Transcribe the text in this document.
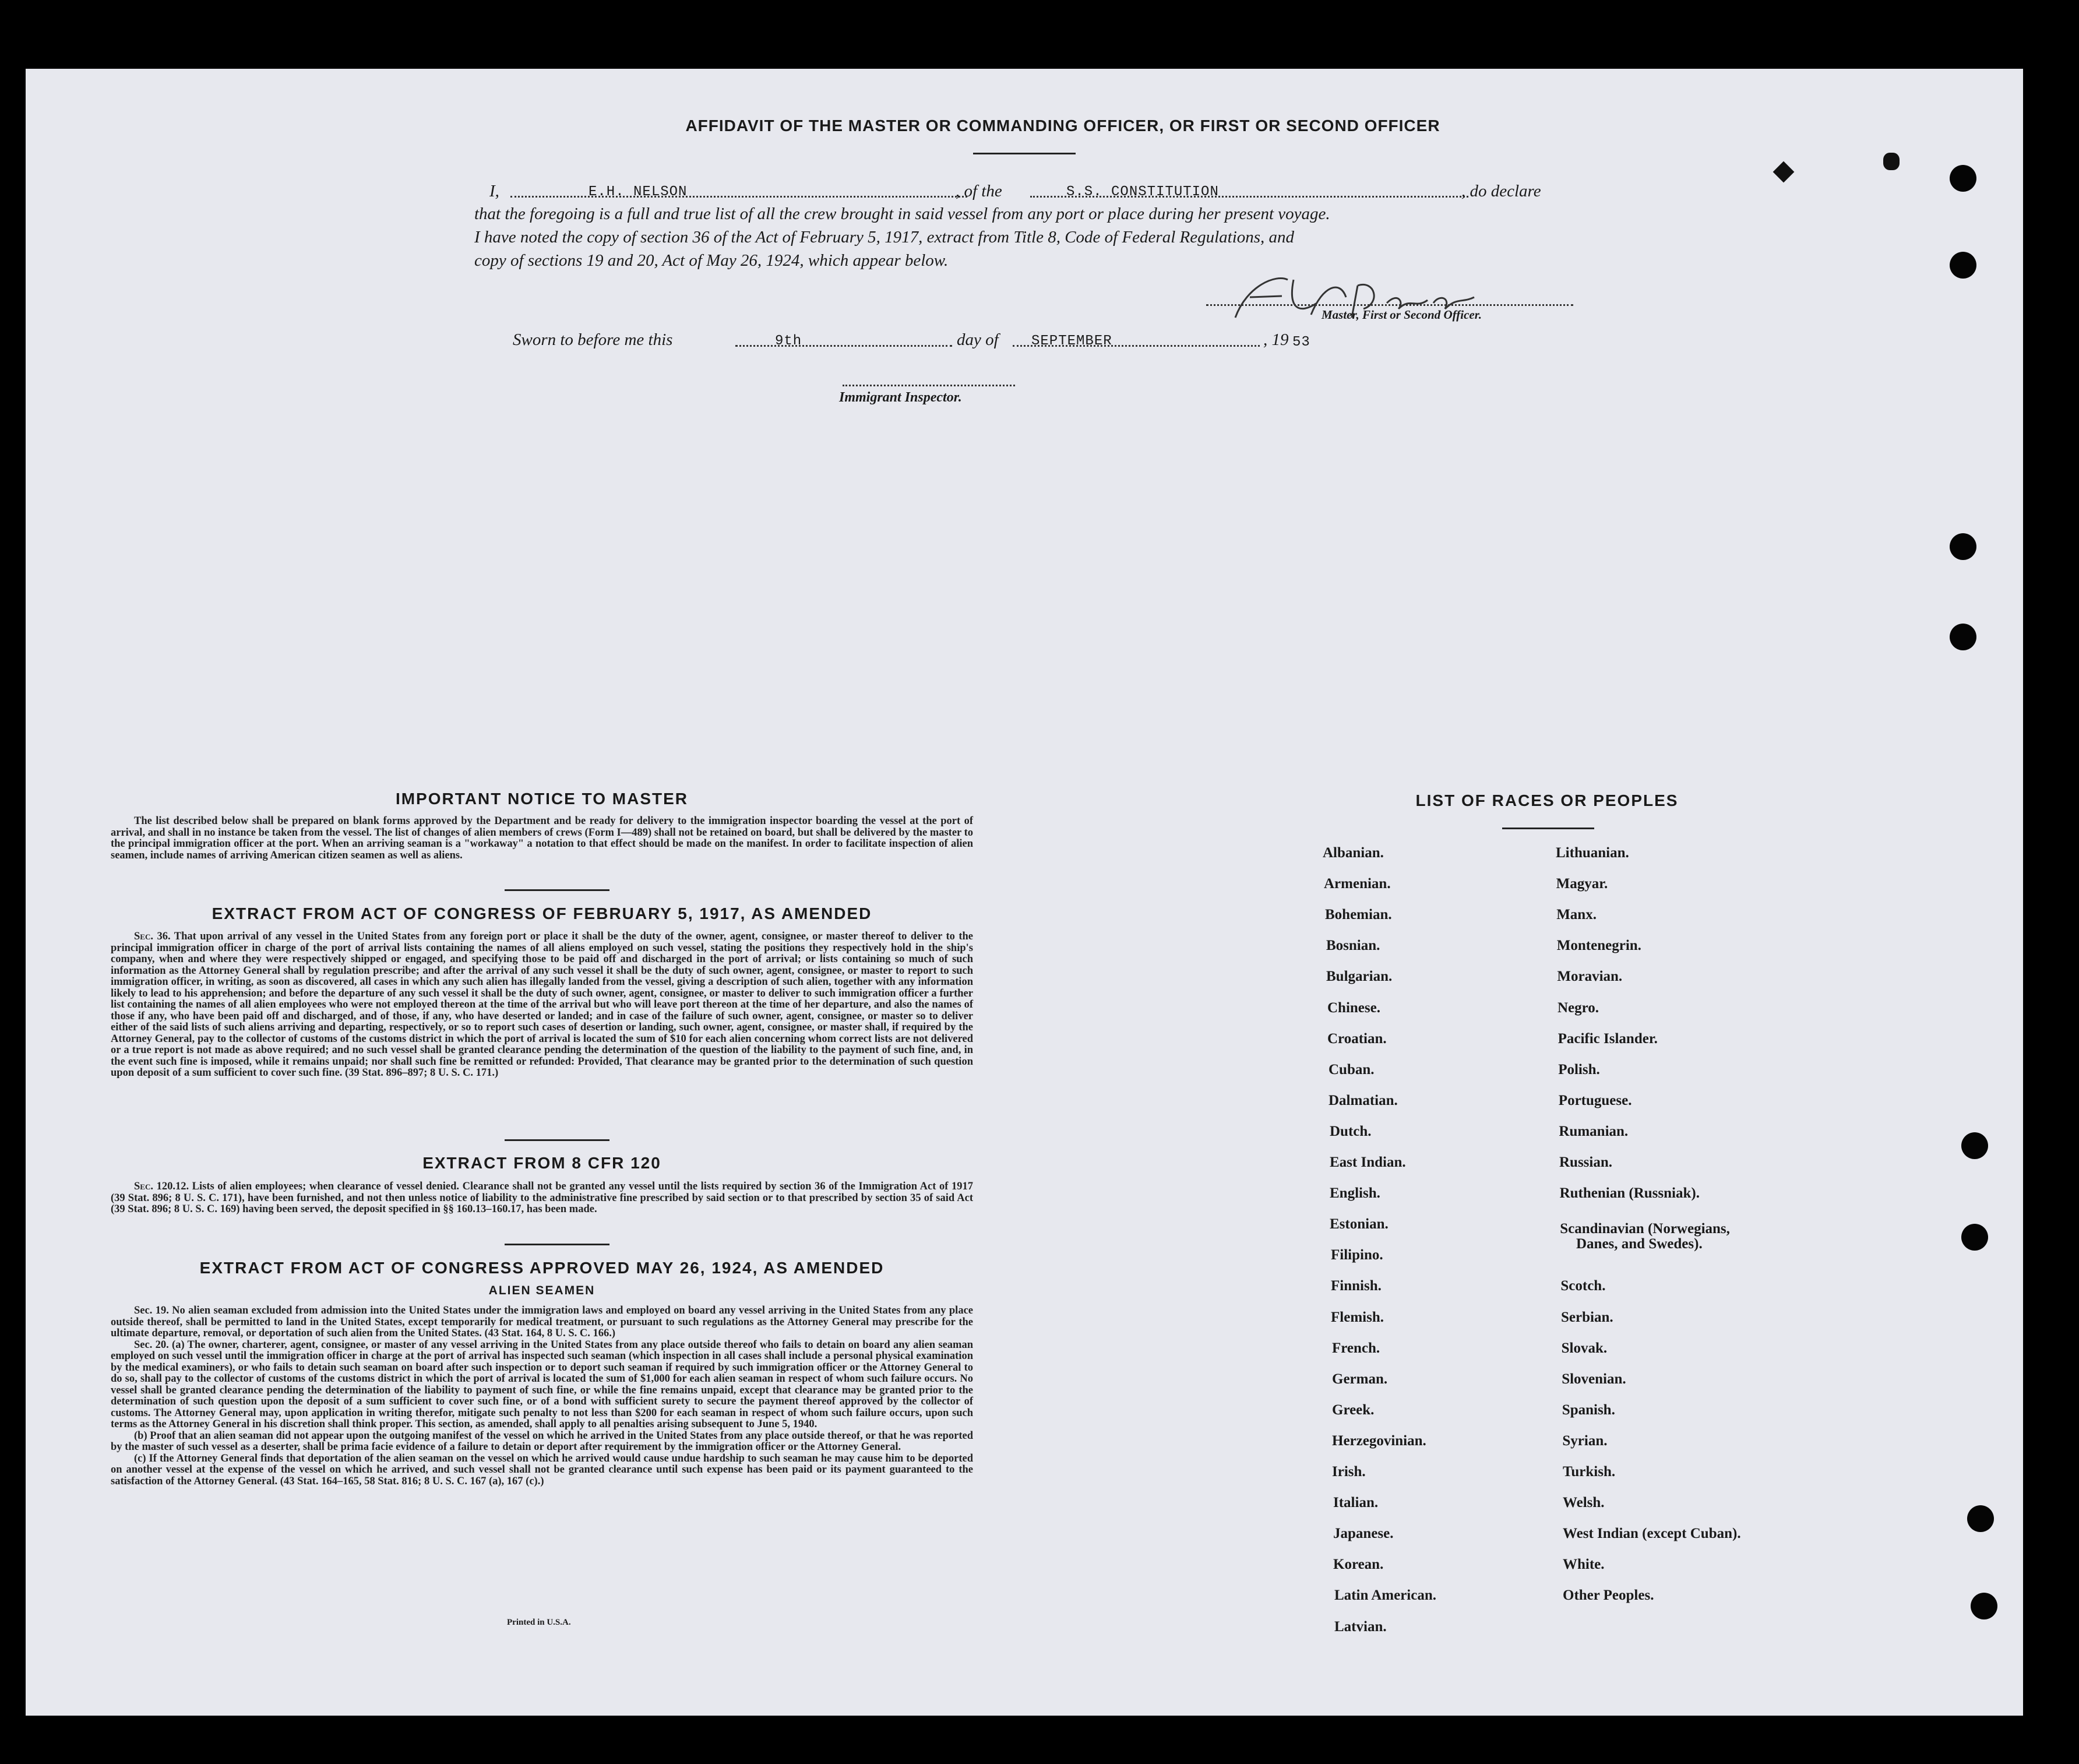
AFFIDAVIT OF THE MASTER OR COMMANDING OFFICER, OR FIRST OR SECOND OFFICER
I,	E.H. NELSON	, of the	S.S. CONSTITUTION	, do declare
that the foregoing is a full and true list of all the crew brought in said vessel from any port or place during her present voyage.
I have noted the copy of section 36 of the Act of February 5, 1917, extract from Title 8, Code of Federal Regulations, and
copy of sections 19 and 20, Act of May 26, 1924, which appear below.
Master, First or Second Officer.
Sworn to before me this	9th	day of SEPTEMBER	, 19 53
Immigrant Inspector.
IMPORTANT NOTICE TO MASTER

The list described below shall be prepared on blank forms approved by the Department and be ready for delivery to the immigration inspector boarding the vessel at the port of arrival, and shall in no instance be taken from the vessel. The list of changes of alien members of crews (Form I—489) shall not be retained on board, but shall be delivered by the master to the principal immigration officer at the port. When an arriving seaman is a "workaway" a notation to that effect should be made on the manifest. In order to facilitate inspection of alien seamen, include names of arriving American citizen seamen as well as aliens.

EXTRACT FROM ACT OF CONGRESS OF FEBRUARY 5, 1917, AS AMENDED

Sec. 36. That upon arrival of any vessel in the United States from any foreign port or place it shall be the duty of the owner, agent, consignee, or master thereof to deliver to the principal immigration officer in charge of the port of arrival lists containing the names of all aliens employed on such vessel, stating the positions they respectively hold in the ship's company, when and where they were respectively shipped or engaged, and specifying those to be paid off and discharged in the port of arrival; or lists containing so much of such information as the Attorney General shall by regulation prescribe; and after the arrival of any such vessel it shall be the duty of such owner, agent, consignee, or master to report to such immigration officer, in writing, as soon as discovered, all cases in which any such alien has illegally landed from the vessel, giving a description of such alien, together with any information likely to lead to his apprehension; and before the departure of any such vessel it shall be the duty of such owner, agent, consignee, or master to deliver to such immigration officer a further list containing the names of all alien employees who were not employed thereon at the time of the arrival but who will leave port thereon at the time of her departure, and also the names of those if any, who have been paid off and discharged, and of those, if any, who have deserted or landed; and in case of the failure of such owner, agent, consignee, or master so to deliver either of the said lists of such aliens arriving and departing, respectively, or so to report such cases of desertion or landing, such owner, agent, consignee, or master shall, if required by the Attorney General, pay to the collector of customs of the customs district in which the port of arrival is located the sum of $10 for each alien concerning whom correct lists are not delivered or a true report is not made as above required; and no such vessel shall be granted clearance pending the determination of the question of the liability to the payment of such fine, and, in the event such fine is imposed, while it remains unpaid; nor shall such fine be remitted or refunded: Provided, That clearance may be granted prior to the determination of such question upon deposit of a sum sufficient to cover such fine. (39 Stat. 896–897; 8 U. S. C. 171.)

EXTRACT FROM 8 CFR 120

Sec. 120.12. Lists of alien employees; when clearance of vessel denied. Clearance shall not be granted any vessel until the lists required by section 36 of the Immigration Act of 1917 (39 Stat. 896; 8 U. S. C. 171), have been furnished, and not then unless notice of liability to the administrative fine prescribed by said section or to that prescribed by section 35 of said Act (39 Stat. 896; 8 U. S. C. 169) having been served, the deposit specified in §§ 160.13–160.17, has been made.

EXTRACT FROM ACT OF CONGRESS APPROVED MAY 26, 1924, AS AMENDED
ALIEN SEAMEN

Sec. 19. No alien seaman excluded from admission into the United States under the immigration laws and employed on board any vessel arriving in the United States from any place outside thereof, shall be permitted to land in the United States, except temporarily for medical treatment, or pursuant to such regulations as the Attorney General may prescribe for the ultimate departure, removal, or deportation of such alien from the United States. (43 Stat. 164, 8 U. S. C. 166.)

Sec. 20. (a) The owner, charterer, agent, consignee, or master of any vessel arriving in the United States from any place outside thereof who fails to detain on board any alien seaman employed on such vessel until the immigration officer in charge at the port of arrival has inspected such seaman (which inspection in all cases shall include a personal physical examination by the medical examiners), or who fails to detain such seaman on board after such inspection or to deport such seaman if required by such immigration officer or the Attorney General to do so, shall pay to the collector of customs of the customs district in which the port of arrival is located the sum of $1,000 for each alien seaman in respect of whom such failure occurs. No vessel shall be granted clearance pending the determination of the liability to payment of such fine, or while the fine remains unpaid, except that clearance may be granted prior to the determination of such question upon the deposit of a sum sufficient to cover such fine, or of a bond with sufficient surety to secure the payment thereof approved by the collector of customs. The Attorney General may, upon application in writing therefor, mitigate such penalty to not less than $200 for each seaman in respect of whom such failure occurs, upon such terms as the Attorney General in his discretion shall think proper. This section, as amended, shall apply to all penalties arising subsequent to June 5, 1940.

(b) Proof that an alien seaman did not appear upon the outgoing manifest of the vessel on which he arrived in the United States from any place outside thereof, or that he was reported by the master of such vessel as a deserter, shall be prima facie evidence of a failure to detain or deport after requirement by the immigration officer or the Attorney General.

(c) If the Attorney General finds that deportation of the alien seaman on the vessel on which he arrived would cause undue hardship to such seaman he may cause him to be deported on another vessel at the expense of the vessel on which he arrived, and such vessel shall not be granted clearance until such expense has been paid or its payment guaranteed to the satisfaction of the Attorney General. (43 Stat. 164–165, 58 Stat. 816; 8 U. S. C. 167 (a), 167 (c).)

Printed in U.S.A.
LIST OF RACES OR PEOPLES
Albanian.
Armenian.
Bohemian.
Bosnian.
Bulgarian.
Chinese.
Croatian.
Cuban.
Dalmatian.
Dutch.
East Indian.
English.
Estonian.
Filipino.
Finnish.
Flemish.
French.
German.
Greek.
Herzegovinian.
Irish.
Italian.
Japanese.
Korean.
Latin American.
Latvian.
Lithuanian.
Magyar.
Manx.
Montenegrin.
Moravian.
Negro.
Pacific Islander.
Polish.
Portuguese.
Rumanian.
Russian.
Ruthenian (Russniak).
Scandinavian (Norwegians,
Danes, and Swedes).
Scotch.
Serbian.
Slovak.
Slovenian.
Spanish.
Syrian.
Turkish.
Welsh.
West Indian (except Cuban).
White.
Other Peoples.
